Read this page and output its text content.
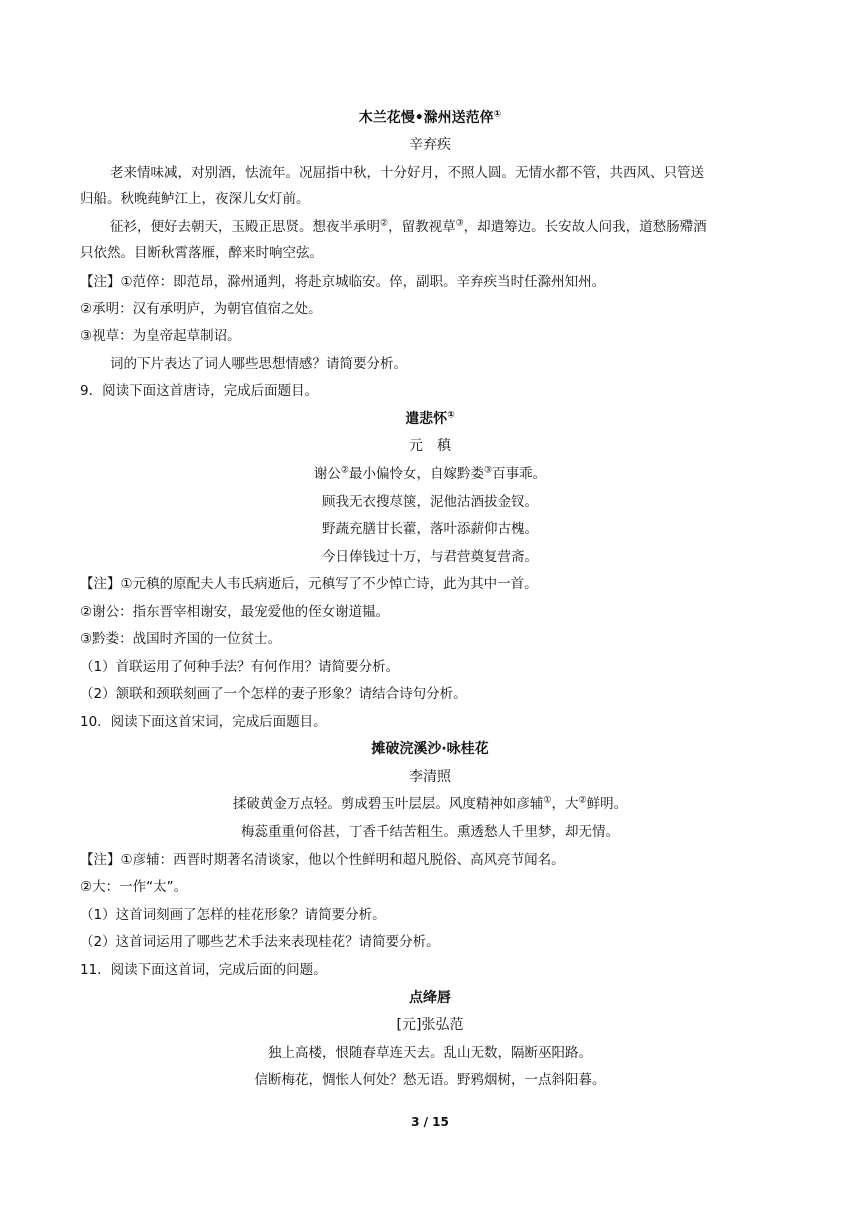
木兰花慢•滁州送范倅①
辛弃疾
老来情味减，对别酒，怯流年。况屈指中秋，十分好月，不照人圆。无情水都不管，共西风、只管送
归船。秋晚莼鲈江上，夜深儿女灯前。
征衫，便好去朝天，玉殿正思贤。想夜半承明②，留教视草③，却遣筹边。长安故人问我，道愁肠殢酒
只依然。目断秋霄落雁，醉来时响空弦。
【注】①范倅：即范昂，滁州通判，将赴京城临安。倅，副职。辛弃疾当时任滁州知州。
②承明：汉有承明庐，为朝官值宿之处。
③视草：为皇帝起草制诏。
词的下片表达了词人哪些思想情感？请简要分析。
9．阅读下面这首唐诗，完成后面题目。
遣悲怀①
元　稹
谢公②最小偏怜女，自嫁黔娄③百事乖。
顾我无衣搜荩箧，泥他沽酒拔金钗。
野蔬充膳甘长藿，落叶添薪仰古槐。
今日俸钱过十万，与君营奠复营斋。
【注】①元稹的原配夫人韦氏病逝后，元稹写了不少悼亡诗，此为其中一首。
②谢公：指东晋宰相谢安，最宠爱他的侄女谢道韫。
③黔娄：战国时齐国的一位贫士。
（1）首联运用了何种手法？有何作用？请简要分析。
（2）颔联和颈联刻画了一个怎样的妻子形象？请结合诗句分析。
10．阅读下面这首宋词，完成后面题目。
摊破浣溪沙·咏桂花
李清照
揉破黄金万点轻。剪成碧玉叶层层。风度精神如彦辅①，大②鲜明。
梅蕊重重何俗甚，丁香千结苦粗生。熏透愁人千里梦，却无情。
【注】①彦辅：西晋时期著名清谈家，他以个性鲜明和超凡脱俗、高风亮节闻名。
②大：一作“太”。
（1）这首词刻画了怎样的桂花形象？请简要分析。
（2）这首词运用了哪些艺术手法来表现桂花？请简要分析。
11．阅读下面这首词，完成后面的问题。
点绛唇
[元]张弘范
独上高楼，恨随春草连天去。乱山无数，隔断巫阳路。
信断梅花，惆怅人何处？愁无语。野鸦烟树，一点斜阳暮。
3 / 15
